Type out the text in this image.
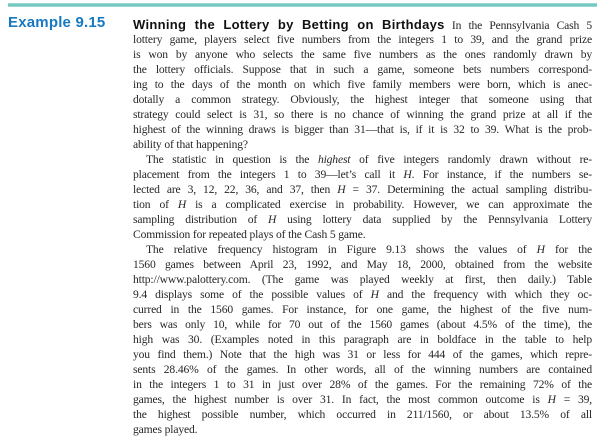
Example 9.15 Winning the Lottery by Betting on Birthdays In the Pennsylvania Cash 5
lottery game, players select five numbers from the integers 1 to 39, and the grand prize
is won by anyone who selects the same five numbers as the ones randomly drawn by
the lottery officials. Suppose that in such a game, someone bets numbers correspond-
ing to the days of the month on which five family members were born, which is anec-
dotally a common strategy. Obviously, the highest integer that someone using that
strategy could select is 31, so there is no chance of winning the grand prize at all if the
highest of the winning draws is bigger than 31—that is, if it is 32 to 39. What is the prob-
ability of that happening?
The statistic in question is the highest of five integers randomly drawn without re-
placement from the integers 1 to 39—let’s call it H. For instance, if the numbers se-
lected are 3, 12, 22, 36, and 37, then H = 37. Determining the actual sampling distribu-
tion of H is a complicated exercise in probability. However, we can approximate the
sampling distribution of H using lottery data supplied by the Pennsylvania Lottery
Commission for repeated plays of the Cash 5 game.
The relative frequency histogram in Figure 9.13 shows the values of H for the
1560 games between April 23, 1992, and May 18, 2000, obtained from the website
http://www.palottery.com. (The game was played weekly at first, then daily.) Table
9.4 displays some of the possible values of H and the frequency with which they oc-
curred in the 1560 games. For instance, for one game, the highest of the five num-
bers was only 10, while for 70 out of the 1560 games (about 4.5% of the time), the
high was 30. (Examples noted in this paragraph are in boldface in the table to help
you find them.) Note that the high was 31 or less for 444 of the games, which repre-
sents 28.46% of the games. In other words, all of the winning numbers are contained
in the integers 1 to 31 in just over 28% of the games. For the remaining 72% of the
games, the highest number is over 31. In fact, the most common outcome is H = 39,
the highest possible number, which occurred in 211/1560, or about 13.5% of all
games played.
